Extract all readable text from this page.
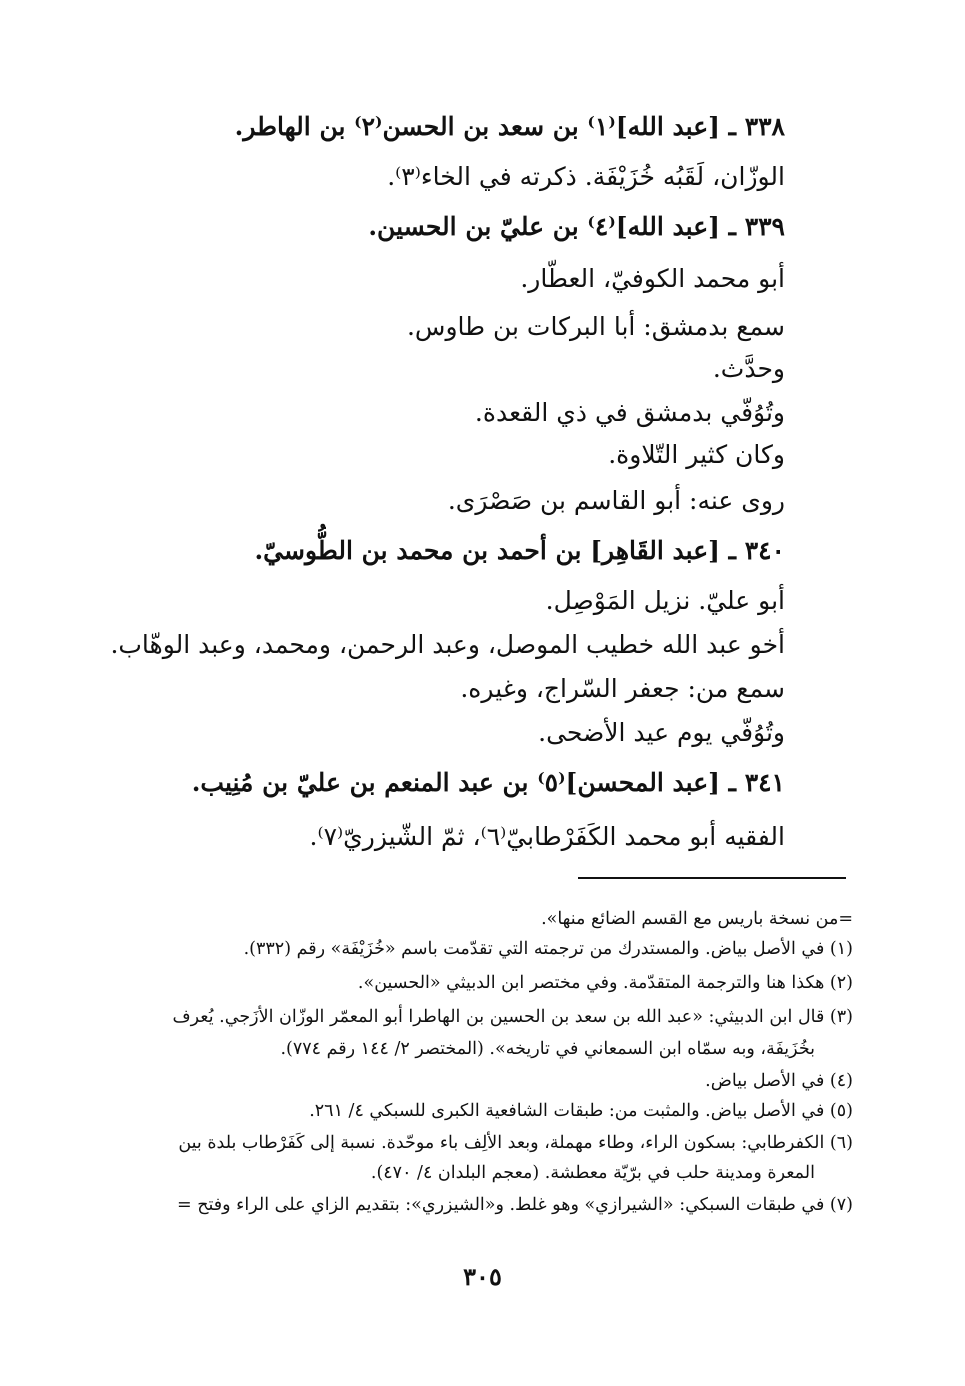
٣٣٨ ـ [عبد الله]⁽١⁾ بن سعد بن الحسن⁽٢⁾ بن الهاطر.
الوزّان، لَقَبُه خُزَيْفَة. ذكرته في الخاء⁽٣⁾.
٣٣٩ ـ [عبد الله]⁽٤⁾ بن عليّ بن الحسين.
أبو محمد الكوفيّ، العطّار.
سمع بدمشق: أبا البركات بن طاوس.
وحدَّث.
وتُوُفّي بدمشق في ذي القعدة.
وكان كثير التّلاوة.
روى عنه: أبو القاسم بن صَصْرَى.
٣٤٠ ـ [عبد القَاهِر] بن أحمد بن محمد بن الطُّوسيّ.
أبو عليّ. نزيل المَوْصِل.
أخو عبد الله خطيب الموصل، وعبد الرحمن، ومحمد، وعبد الوهّاب.
سمع من: جعفر السّراج، وغيره.
وتُوُفّي يوم عيد الأضحى.
٣٤١ ـ [عبد المحسن]⁽٥⁾ بن عبد المنعم بن عليّ بن مُنِيب.
الفقيه أبو محمد الكَفَرْطابيّ⁽٦⁾، ثمّ الشّيزريّ⁽٧⁾.
=من نسخة باريس مع القسم الضائع منها».
(١) في الأصل بياض. والمستدرك من ترجمته التي تقدّمت باسم «خُزَيْفَة» رقم (٣٣٢).
(٢) هكذا هنا والترجمة المتقدّمة. وفي مختصر ابن الدبيثي «الحسين».
(٣) قال ابن الدبيثي: «عبد الله بن سعد بن الحسين بن الهاطرا أبو المعمّر الوزّان الأزَجي. يُعرف
بخُزَيفَة، وبه سمّاه ابن السمعاني في تاريخه». (المختصر ٢/ ١٤٤ رقم ٧٧٤).
(٤) في الأصل بياض.
(٥) في الأصل بياض. والمثبت من: طبقات الشافعية الكبرى للسبكي ٤/ ٢٦١.
(٦) الكفرطابي: بسكون الراء، وطاء مهملة، وبعد الألِف باء موحّدة. نسبة إلى كَفَرْطاب بلدة بين
المعرة ومدينة حلب في برّيّة معطشة. (معجم البلدان ٤/ ٤٧٠).
(٧) في طبقات السبكي: «الشيرازي» وهو غلط. و«الشيزري»: بتقديم الزاي على الراء وفتح =
٣٠٥
